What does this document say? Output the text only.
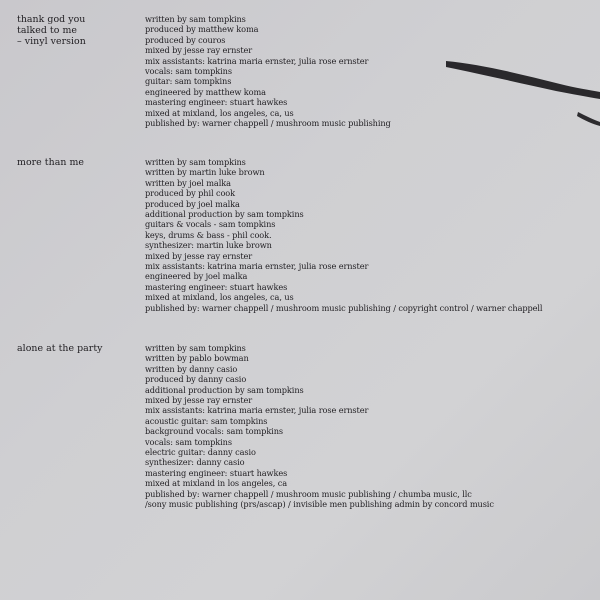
thank god you
talked to me
– vinyl version
written by sam tompkins
produced by matthew koma
produced by couros
mixed by jesse ray ernster
mix assistants: katrina maria ernster, julia rose ernster
vocals: sam tompkins
guitar: sam tompkins
engineered by matthew koma
mastering engineer: stuart hawkes
mixed at mixland, los angeles, ca, us
published by: warner chappell / mushroom music publishing
more than me	written by sam tompkins
written by martin luke brown
written by joel malka
produced by phil cook
produced by joel malka
additional production by sam tompkins
guitars & vocals - sam tompkins
keys, drums & bass - phil cook.
synthesizer: martin luke brown
mixed by jesse ray ernster
mix assistants: katrina maria ernster, julia rose ernster
engineered by joel malka
mastering engineer: stuart hawkes
mixed at mixland, los angeles, ca, us
published by: warner chappell / mushroom music publishing / copyright control / warner chappell
alone at the party	written by sam tompkins
written by pablo bowman
written by danny casio
produced by danny casio
additional production by sam tompkins
mixed by jesse ray ernster
mix assistants: katrina maria ernster, julia rose ernster
acoustic guitar: sam tompkins
background vocals: sam tompkins
vocals: sam tompkins
electric guitar: danny casio
synthesizer: danny casio
mastering engineer: stuart hawkes
mixed at mixland in los angeles, ca
published by: warner chappell / mushroom music publishing / chumba music, llc
/sony music publishing (prs/ascap) / invisible men publishing admin by concord music
